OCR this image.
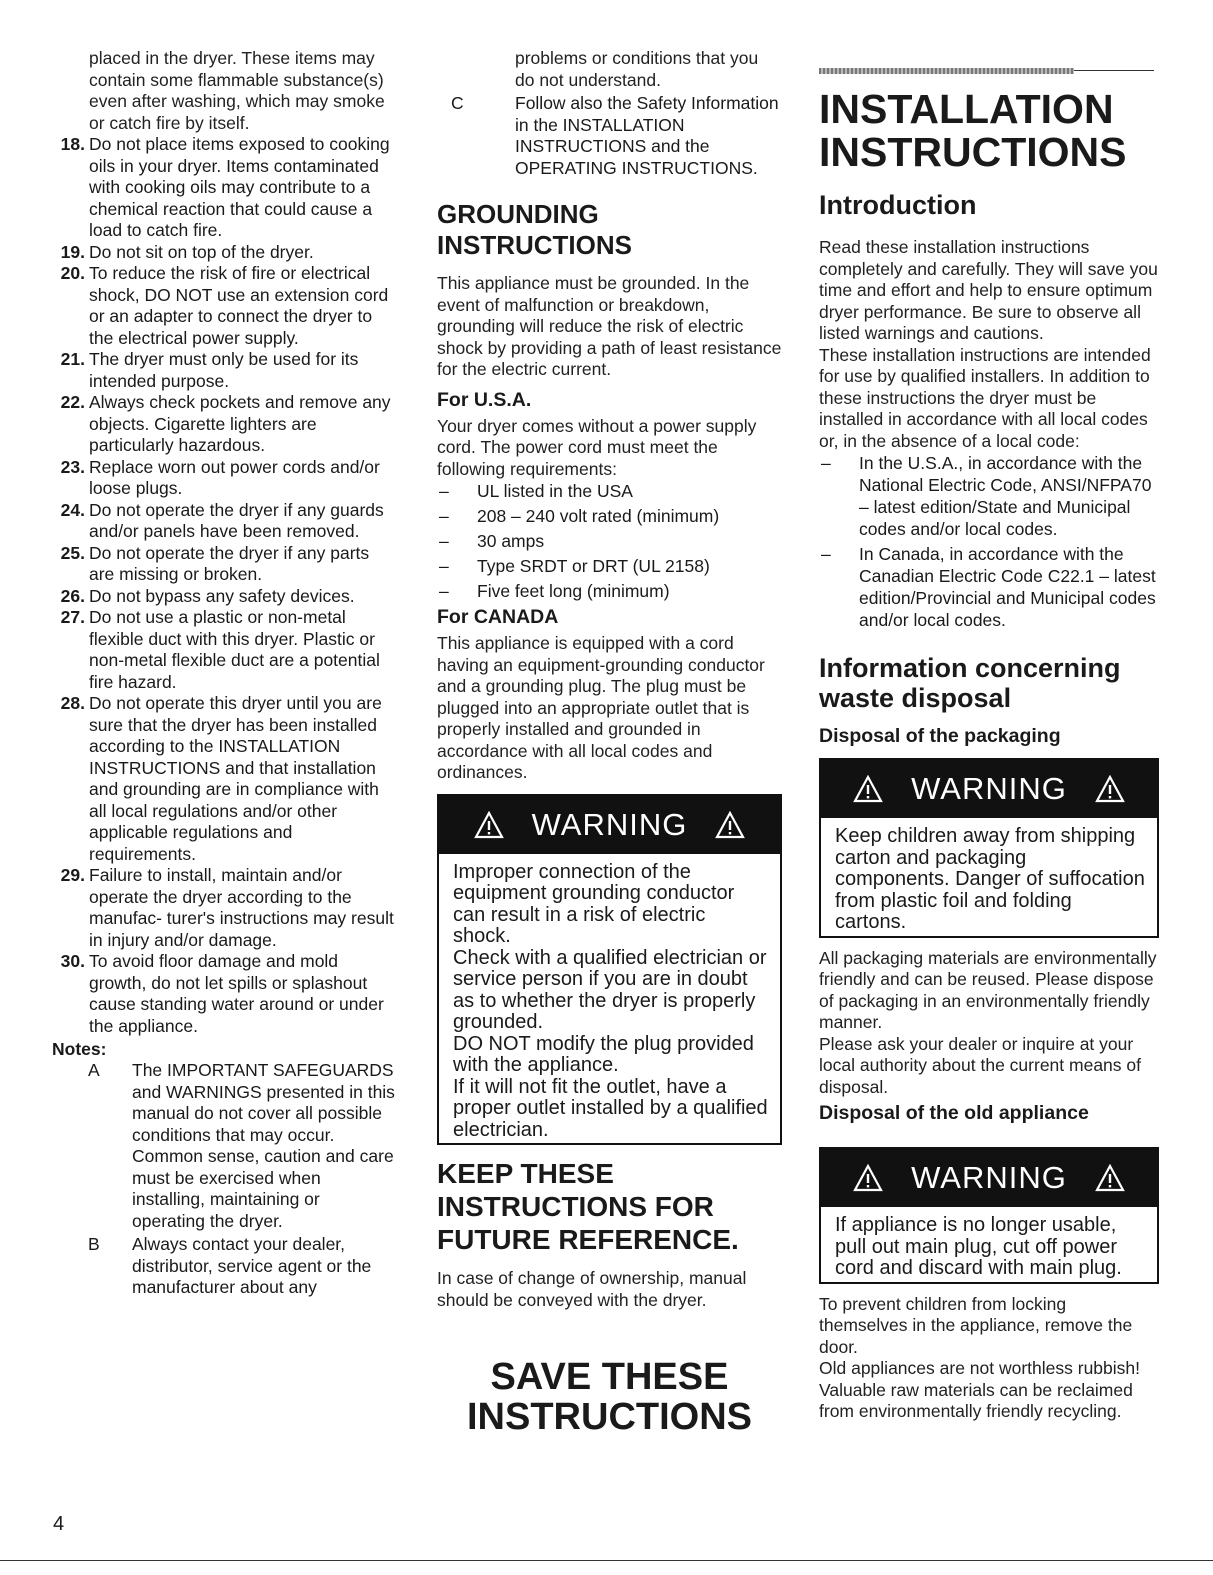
placed in the dryer. These items may contain some flammable substance(s) even after washing, which may smoke or catch fire by itself.
18. Do not place items exposed to cooking oils in your dryer. Items contaminated with cooking oils may contribute to a chemical reaction that could cause a load to catch fire.
19. Do not sit on top of the dryer.
20. To reduce the risk of fire or electrical shock, DO NOT use an extension cord or an adapter to connect the dryer to the electrical power supply.
21. The dryer must only be used for its intended purpose.
22. Always check pockets and remove any objects. Cigarette lighters are particularly hazardous.
23. Replace worn out power cords and/or loose plugs.
24. Do not operate the dryer if any guards and/or panels have been removed.
25. Do not operate the dryer if any parts are missing or broken.
26. Do not bypass any safety devices.
27. Do not use a plastic or non-metal flexible duct with this dryer. Plastic or non-metal flexible duct are a potential fire hazard.
28. Do not operate this dryer until you are sure that the dryer has been installed according to the INSTALLATION INSTRUCTIONS and that installation and grounding are in compliance with all local regulations and/or other applicable regulations and requirements.
29. Failure to install, maintain and/or operate the dryer according to the manufac- turer's instructions may result in injury and/or damage.
30. To avoid floor damage and mold growth, do not let spills or splashout cause standing water around or under the appliance.
Notes:
A The IMPORTANT SAFEGUARDS and WARNINGS presented in this manual do not cover all possible conditions that may occur.
Common sense, caution and care must be exercised when installing, maintaining or operating the dryer.
B Always contact your dealer, distributor, service agent or the manufacturer about any
problems or conditions that you do not understand.
C	Follow also the Safety Information in the INSTALLATION INSTRUCTIONS and the OPERATING INSTRUCTIONS.
GROUNDING INSTRUCTIONS
This appliance must be grounded. In the event of malfunction or breakdown, grounding will reduce the risk of electric shock by providing a path of least resistance for the electric current.
For U.S.A.
Your dryer comes without a power supply cord. The power cord must meet the following requirements:
– UL listed in the USA
– 208 – 240 volt rated (minimum)
– 30 amps
– Type SRDT or DRT (UL 2158)
– Five feet long (minimum)
For CANADA
This appliance is equipped with a cord having an equipment-grounding conductor and a grounding plug. The plug must be plugged into an appropriate outlet that is properly installed and grounded in accordance with all local codes and ordinances.
WARNING
Improper connection of the equipment grounding conductor can result in a risk of electric shock.
Check with a qualified electrician or service person if you are in doubt as to whether the dryer is properly grounded.
DO NOT modify the plug provided with the appliance.
If it will not fit the outlet, have a proper outlet installed by a qualified electrician.
KEEP THESE INSTRUCTIONS FOR FUTURE REFERENCE.
In case of change of ownership, manual should be conveyed with the dryer.
SAVE THESE
INSTRUCTIONS
INSTALLATION
INSTRUCTIONS
Introduction
Read these installation instructions completely and carefully. They will save you time and effort and help to ensure optimum dryer performance. Be sure to observe all listed warnings and cautions.
These installation instructions are intended for use by qualified installers. In addition to these instructions the dryer must be installed in accordance with all local codes or, in the absence of a local code:
– In the U.S.A., in accordance with the National Electric Code, ANSI/NFPA70 – latest edition/State and Municipal codes and/or local codes.
– In Canada, in accordance with the Canadian Electric Code C22.1 – latest edition/Provincial and Municipal codes and/or local codes.
Information concerning waste disposal
Disposal of the packaging
WARNING
Keep children away from shipping carton and packaging components. Danger of suffocation from plastic foil and folding cartons.
All packaging materials are environmentally friendly and can be reused. Please dispose of packaging in an environmentally friendly manner.
Please ask your dealer or inquire at your local authority about the current means of disposal.
Disposal of the old appliance
WARNING
If appliance is no longer usable, pull out main plug, cut off power cord and discard with main plug.
To prevent children from locking themselves in the appliance, remove the door.
Old appliances are not worthless rubbish! Valuable raw materials can be reclaimed from environmentally friendly recycling.
4
